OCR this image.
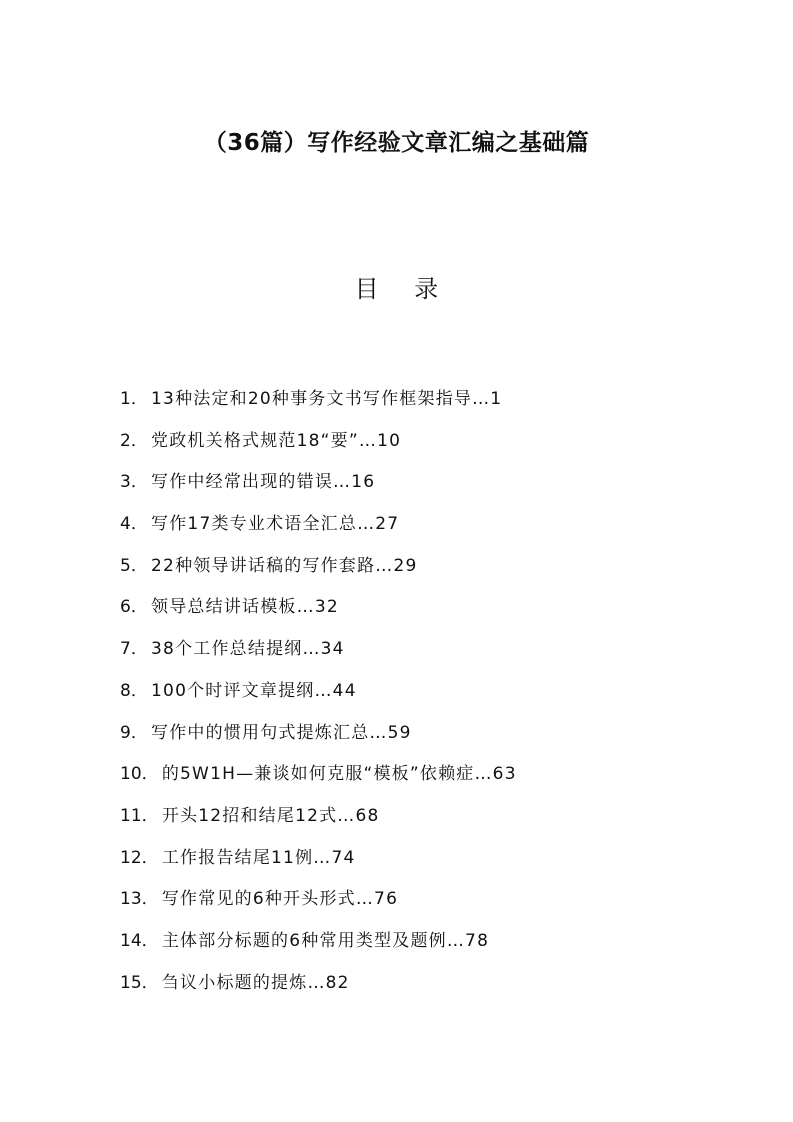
（36篇）写作经验文章汇编之基础篇
目 录
1． 13种法定和20种事务文书写作框架指导…1
2． 党政机关格式规范18“要”…10
3． 写作中经常出现的错误…16
4． 写作17类专业术语全汇总…27
5． 22种领导讲话稿的写作套路…29
6． 领导总结讲话模板…32
7． 38个工作总结提纲…34
8． 100个时评文章提纲…44
9． 写作中的惯用句式提炼汇总…59
10． 的5W1H—兼谈如何克服“模板”依赖症…63
11． 开头12招和结尾12式…68
12． 工作报告结尾11例…74
13． 写作常见的6种开头形式…76
14． 主体部分标题的6种常用类型及题例…78
15． 刍议小标题的提炼…82
